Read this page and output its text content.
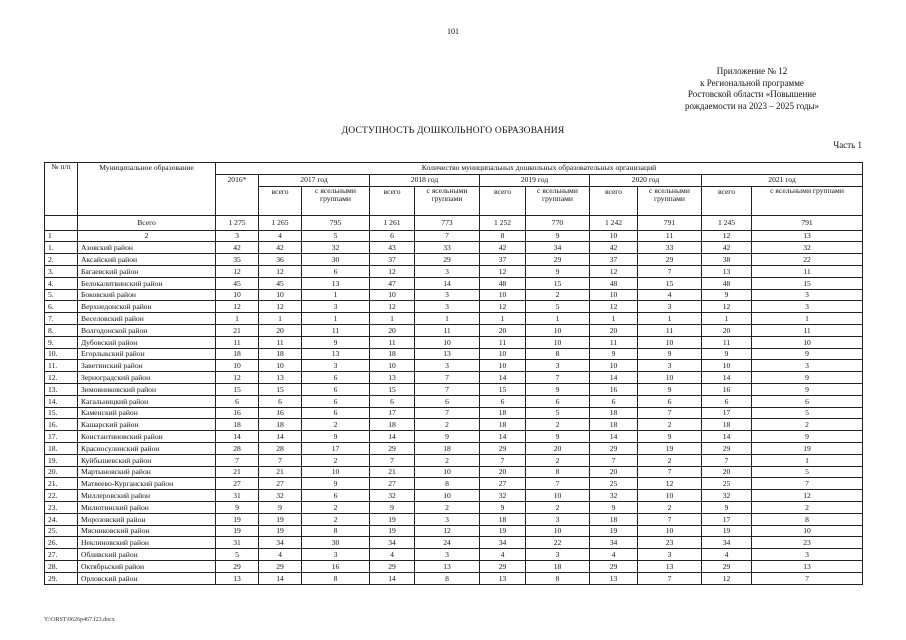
101
Приложение № 12
к Региональной программе
Ростовской области «Повышение
рождаемости на 2023 – 2025 годы»
ДОСТУПНОСТЬ ДОШКОЛЬНОГО ОБРАЗОВАНИЯ
Часть 1
№ п/п	Муниципальное образование	Количество муниципальных дошкольных образовательных организаций										
		2016*	2017 год		2018 год		2019 год		2020 год		2021 год	
			всего	с ясельными группами	всего	с ясельными группами	всего	с ясельными группами	всего	с ясельными группами	всего	с ясельными группами
	Всего	1 275	1 265	795	1 261	773	1 252	770	1 242	791	1 245	791
1	2	3	4	5	6	7	8	9	10	11	12	13
1.	Азовский район	42	42	32	43	33	42	34	42	33	42	32
2.	Аксайский район	35	36	30	37	29	37	29	37	29	38	22
3.	Багаевский район	12	12	6	12	3	12	9	12	7	13	11
4.	Белокалитвинский район	45	45	13	47	14	48	15	48	15	48	15
5.	Боковский район	10	10	1	10	3	10	2	10	4	9	3
6.	Верхнедонской район	12	12	3	12	3	12	5	12	3	12	3
7.	Веселовский район	1	1	1	1	1	1	1	1	1	1	1
8.	Волгодонской район	21	20	11	20	11	20	10	20	11	20	11
9.	Дубовский район	11	11	9	11	10	11	10	11	10	11	10
10.	Егорлыкский район	18	18	13	18	13	10	8	9	9	9	9
11.	Заветинский район	10	10	3	10	3	10	3	10	3	10	3
12.	Зерноградский район	12	13	6	13	7	14	7	14	10	14	9
13.	Зимовниковский район	15	15	6	15	7	15	9	16	9	16	9
14.	Кагальницкий район	6	6	6	6	6	6	6	6	6	6	6
15.	Каменский район	16	16	6	17	7	18	5	18	7	17	5
16.	Кашарский район	18	18	2	18	2	18	2	18	2	18	2
17.	Константиновский район	14	14	9	14	9	14	9	14	9	14	9
18.	Красносулинский район	28	28	17	29	18	29	20	29	19	29	19
19.	Куйбышевский район	7	7	2	7	2	7	2	7	2	7	1
20.	Мартыновский район	21	21	10	21	10	20	8	20	7	20	5
21.	Матвеево-Курганский район	27	27	9	27	8	27	7	25	12	25	7
22.	Миллеровский район	31	32	6	32	10	32	10	32	10	32	12
23.	Милютинский район	9	9	2	9	2	9	2	9	2	9	2
24.	Морозовский район	19	19	2	19	3	18	3	18	7	17	8
25.	Мясниковский район	19	19	8	19	12	19	10	19	10	19	10
26.	Неклиновский район	31	34	30	34	24	34	22	34	23	34	23
27.	Обливский район	5	4	3	4	3	4	3	4	3	4	3
28.	Октябрьский район	29	29	16	29	13	29	18	29	13	29	13
29.	Орловский район	13	14	8	14	8	13	8	13	7	12	7
Y:\ORST\0626p467.f23.docx
